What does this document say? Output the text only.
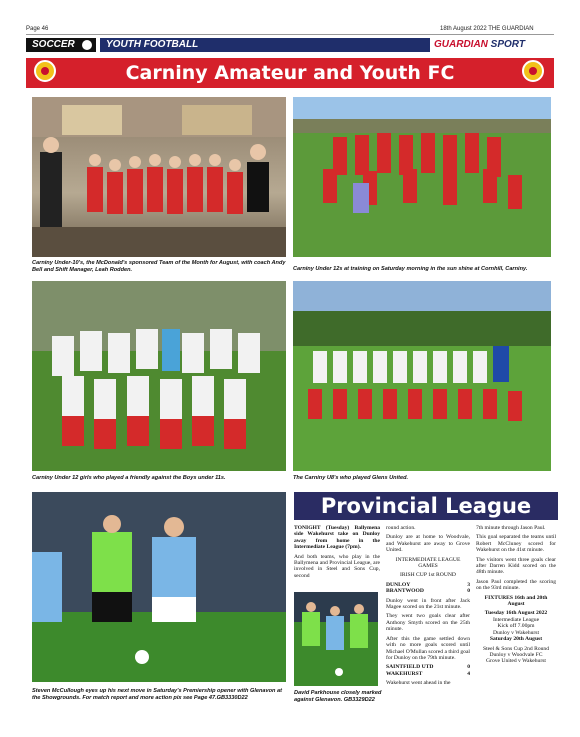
Page 46	18th August 2022 THE GUARDIAN
SOCCER	YOUTH FOOTBALL	GUARDIAN SPORT
Carniny Amateur and Youth FC
Carniny Under-10's, the McDonald's sponsored Team of the Month for August, with coach Andy Bell and Shift Manager, Leah Rodden.	Carniny Under 12s at training on Saturday morning in the sun shine at Cornhill, Carniny.
Carniny Under 12 girls who played a friendly against the Boys under 11s.	The Carniny U8's who played Glens United.
Steven McCullough eyes up his next move in Saturday's Premiership opener with Glenavon at the Showgrounds. For match report and more action pix see Page 47.GB3330D22
Provincial League

TONIGHT (Tuesday) Ballymena side Wakehurst take on Dunloy away from home in the Intermediate League (7pm).

And both teams, who play in the Ballymena and Provincial League, are involved in Steel and Sons Cup, second

David Parkhouse closely marked against Glenavon. GB3329D22

round action.

Dunloy are at home to Woodvale, and Wakehurst are away to Grove United.

INTERMEDIATE LEAGUE GAMES

IRISH CUP 1st ROUND

DUNLOY	3
BRANTWOOD	0

Dunloy went in front after Jack Magee scored on the 21st minute.

They went two goals clear after Anthony Smyth scored on the 25th minute.

After this the game settled down with no more goals scored until Michael O'Mullan scored a third goal for Dunloy on the 79th minute.

SAINTFIELD UTD	0
WAKEHURST	4

Wakehurst went ahead in the

7th minute through Jason Paul.

This goal separated the teams until Robert McCluney scored for Wakehurst on the 41st minute.

The visitors went three goals clear after Darren Kidd scored on the 48th minute.

Jason Paul completed the scoring on the 93rd minute.

FIXTURES 16th and 20th August

Tuesday 16th August 2022

Intermediate League

Kick off 7.00pm

Dunloy v Wakehurst

Saturday 20th August

Steel & Sons Cup 2nd Round

Dunloy v Woodvale FC

Grove United v Wakehurst
